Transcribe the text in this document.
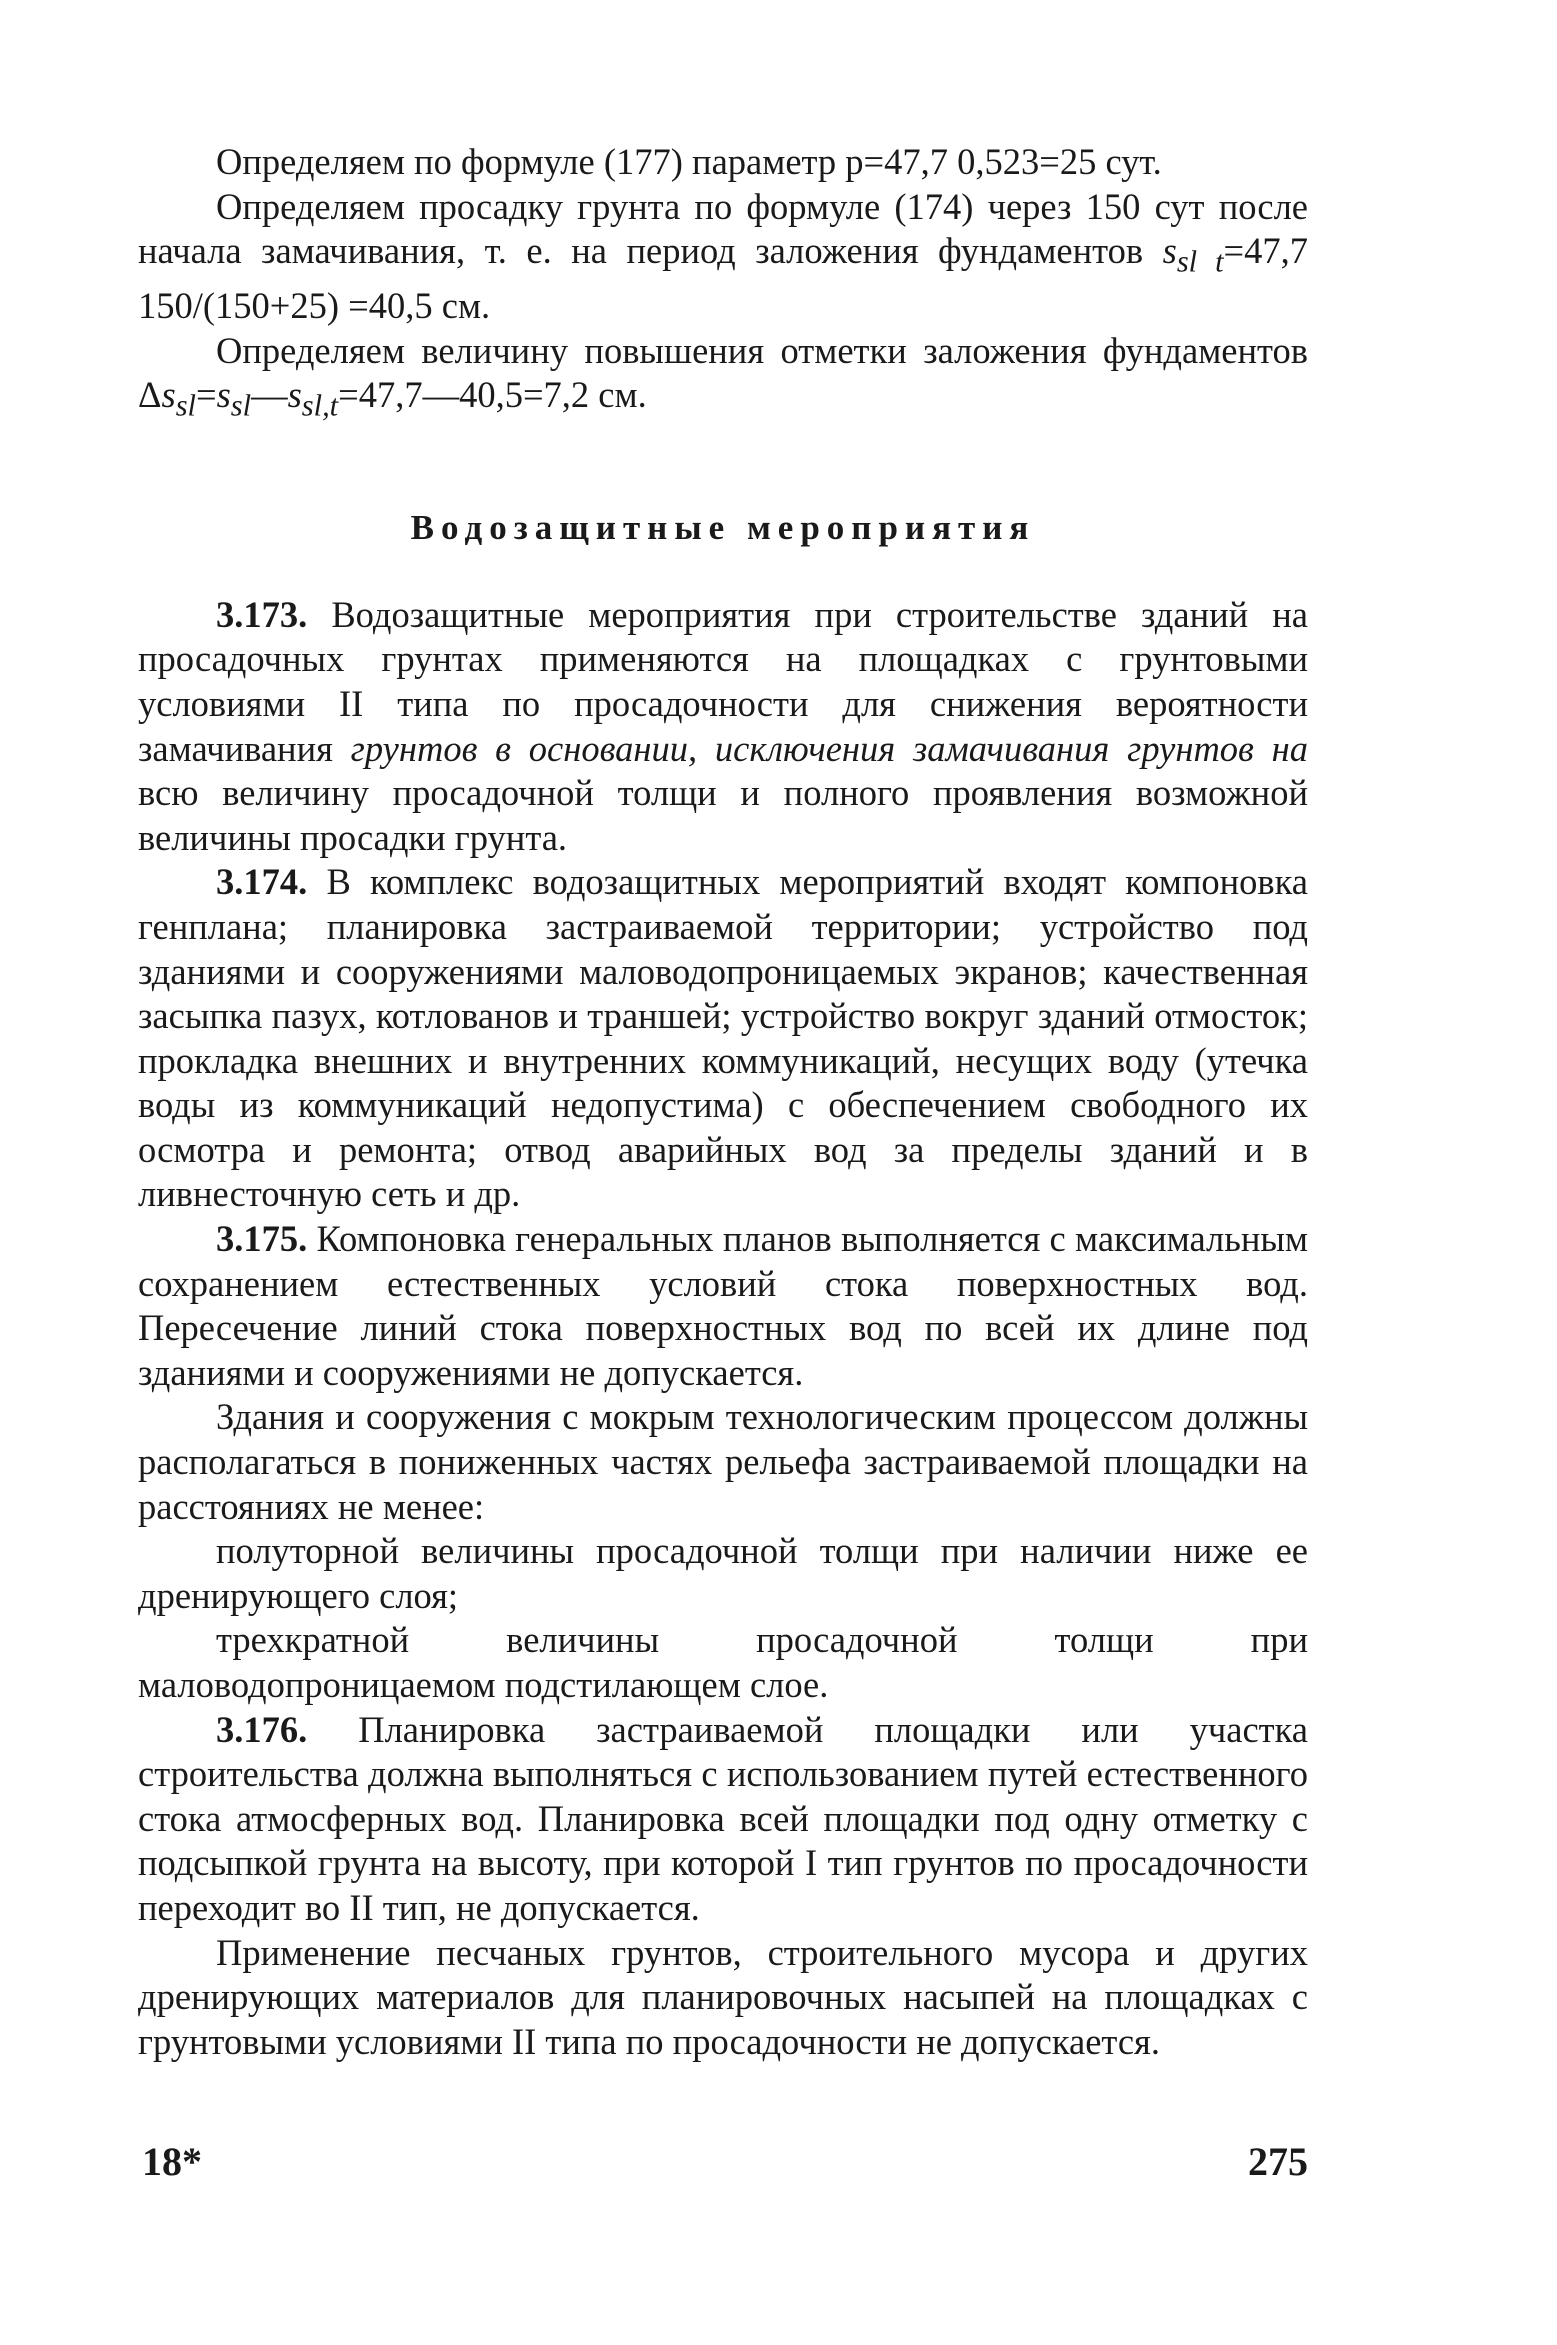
Определяем по формуле (177) параметр p=47,7 0,523=25 сут.

Определяем просадку грунта по формуле (174) через 150 сут после начала замачивания, т. е. на период заложения фундаментов $s_{sl t}=47,7$ 150/(150+25) =40,5 см.

Определяем величину повышения отметки заложения фундаментов $\Delta s_{sl}=s_{sl}—s_{sl,t}=47,7—40,5=7,2$ см.

Водозащитные мероприятия

3.173. Водозащитные мероприятия при строительстве зданий на просадочных грунтах применяются на площадках с грунтовыми условиями II типа по просадочности для снижения вероятности замачивания грунтов в основании, исключения замачивания грунтов на всю величину просадочной толщи и полного проявления возможной величины просадки грунта.

3.174. В комплекс водозащитных мероприятий входят компоновка генплана; планировка застраиваемой территории; устройство под зданиями и сооружениями маловодопроницаемых экранов; качественная засыпка пазух, котлованов и траншей; устройство вокруг зданий отмосток; прокладка внешних и внутренних коммуникаций, несущих воду (утечка воды из коммуникаций недопустима) с обеспечением свободного их осмотра и ремонта; отвод аварийных вод за пределы зданий и в ливнесточную сеть и др.

3.175. Компоновка генеральных планов выполняется с максимальным сохранением естественных условий стока поверхностных вод. Пересечение линий стока поверхностных вод по всей их длине под зданиями и сооружениями не допускается.

Здания и сооружения с мокрым технологическим процессом должны располагаться в пониженных частях рельефа застраиваемой площадки на расстояниях не менее:

полуторной величины просадочной толщи при наличии ниже ее дренирующего слоя;

трехкратной величины просадочной толщи при маловодопроницаемом подстилающем слое.

3.176. Планировка застраиваемой площадки или участка строительства должна выполняться с использованием путей естественного стока атмосферных вод. Планировка всей площадки под одну отметку с подсыпкой грунта на высоту, при которой I тип грунтов по просадочности переходит во II тип, не допускается.

Применение песчаных грунтов, строительного мусора и других дренирующих материалов для планировочных насыпей на площадках с грунтовыми условиями II типа по просадочности не допускается.

18*	275
